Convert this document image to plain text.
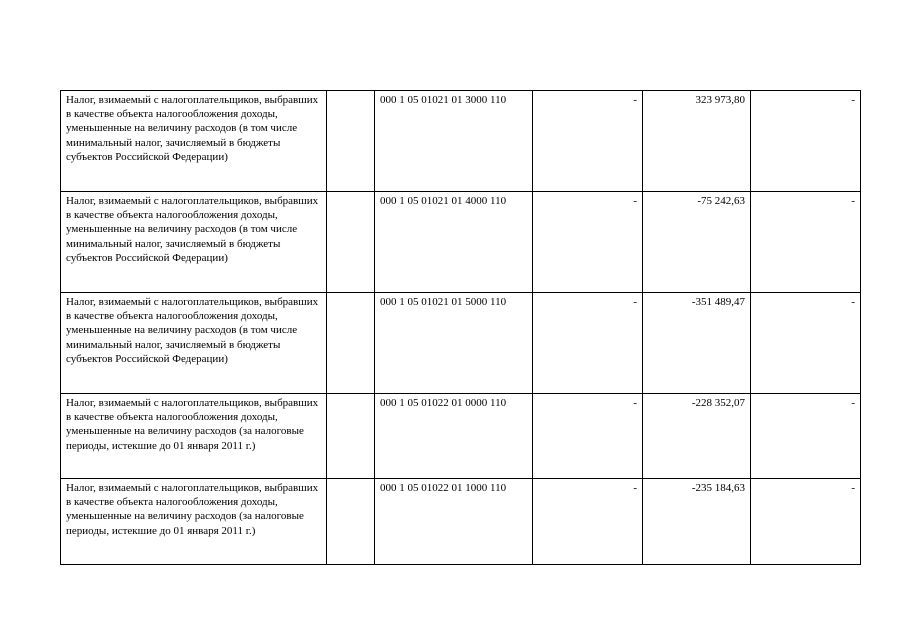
Налог, взимаемый с налогоплательщиков, выбравших в качестве объекта налогообложения доходы, уменьшенные на величину расходов (в том числе минимальный налог, зачисляемый в бюджеты субъектов Российской Федерации)		000 1 05 01021 01 3000 110	-	323 973,80	-
Налог, взимаемый с налогоплательщиков, выбравших в качестве объекта налогообложения доходы, уменьшенные на величину расходов (в том числе минимальный налог, зачисляемый в бюджеты субъектов Российской Федерации)		000 1 05 01021 01 4000 110	-	-75 242,63	-
Налог, взимаемый с налогоплательщиков, выбравших в качестве объекта налогообложения доходы, уменьшенные на величину расходов (в том числе минимальный налог, зачисляемый в бюджеты субъектов Российской Федерации)		000 1 05 01021 01 5000 110	-	-351 489,47	-
Налог, взимаемый с налогоплательщиков, выбравших в качестве объекта налогообложения доходы, уменьшенные на величину расходов (за налоговые периоды, истекшие до 01 января 2011 г.)		000 1 05 01022 01 0000 110	-	-228 352,07	-
Налог, взимаемый с налогоплательщиков, выбравших в качестве объекта налогообложения доходы, уменьшенные на величину расходов (за налоговые периоды, истекшие до 01 января 2011 г.)		000 1 05 01022 01 1000 110	-	-235 184,63	-
